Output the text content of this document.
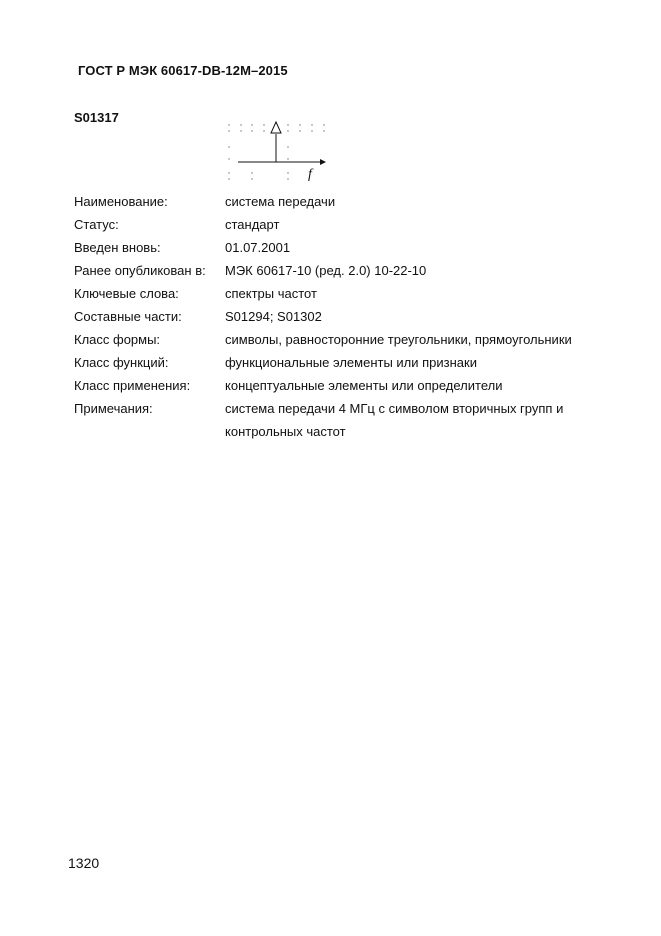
ГОСТ Р МЭК 60617-DB-12M–2015
S01317
f
Наименование:	система передачи
Статус:	стандарт
Введен вновь:	01.07.2001
Ранее опубликован в:	МЭК 60617-10 (ред. 2.0) 10-22-10
Ключевые слова:	спектры частот
Составные части:	S01294; S01302
Класс формы:	символы, равносторонние треугольники, прямоугольники
Класс функций:	функциональные элементы или признаки
Класс применения:	концептуальные элементы или определители
Примечания:	система передачи 4 МГц с символом вторичных групп и контрольных частот
1320
